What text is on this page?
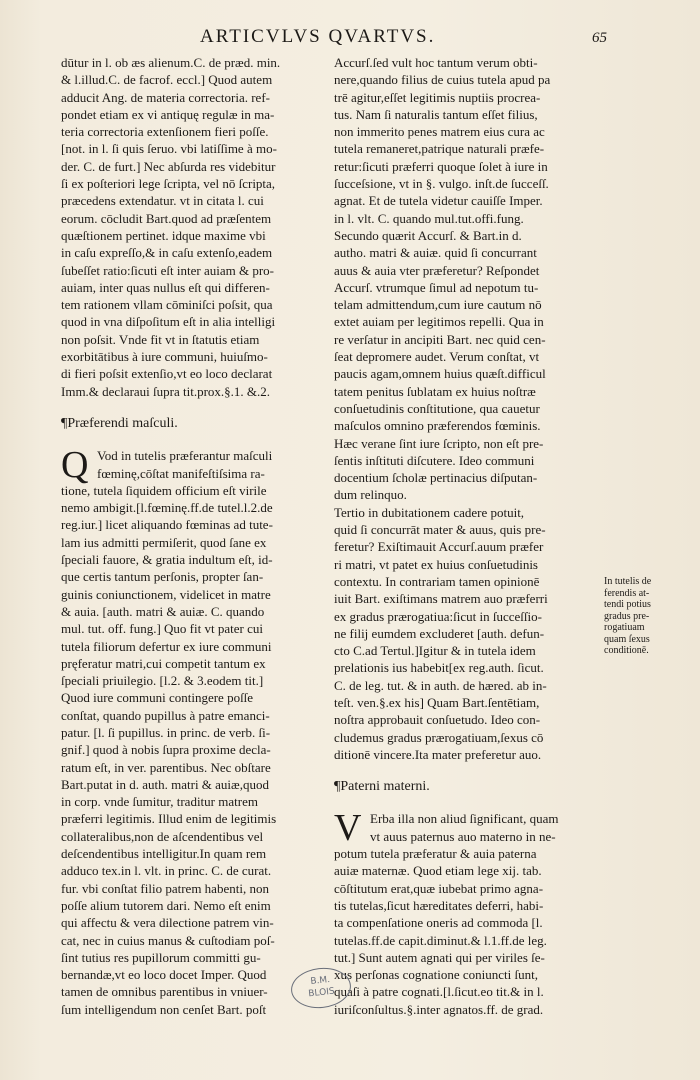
ARTICVLVS QVARTVS.	65
dūtur in l. ob æs alienum.C. de præd. min.
& l.illud.C. de facrof. eccl.] Quod autem
adducit Ang. de materia correctoria. ref-
pondet etiam ex vi antiquę regulæ in ma-
teria correctoria extenſionem fieri poſſe.
[not. in l. ſi quis ſeruo. vbi latiſſime à mo-
der. C. de furt.] Nec abſurda res videbitur
ſi ex poſteriori lege ſcripta, vel nō ſcripta,
præcedens extendatur. vt in citata l. cui
eorum. cōcludit Bart.quod ad præſentem
quæſtionem pertinet. idque maxime vbi
in caſu expreſſo,& in caſu extenſo,eadem
ſubeſſet ratio:ſicuti eſt inter auiam & pro-
auiam, inter quas nullus eſt qui differen-
tem rationem vllam cōminiſci poſsit, qua
quod in vna diſpoſitum eſt in alia intelligi
non poſsit. Vnde fit vt in ſtatutis etiam
exorbitātibus à iure communi, huiuſmo-
di fieri poſsit extenſio,vt eo loco declarat
Imm.& declaraui ſupra tit.prox.§.1. &.2.
¶Præferendi maſculi.
Q Vod in tutelis præferantur maſculi
fœminę,cōſtat manifeſtiſsima ra-
tione, tutela ſiquidem officium eſt virile
nemo ambigit.[l.fœminę.ff.de tutel.l.2.de
reg.iur.] licet aliquando fœminas ad tute-
lam ius admitti permiſerit, quod ſane ex
ſpeciali fauore, & gratia indultum eſt, id-
que certis tantum perſonis, propter ſan-
guinis coniunctionem, videlicet in matre
& auia. [auth. matri & auiæ. C. quando
mul. tut. off. fung.] Quo fit vt pater cui
tutela filiorum defertur ex iure communi
pręferatur matri,cui competit tantum ex
ſpeciali priuilegio. [l.2. & 3.eodem tit.]
Quod iure communi contingere poſſe
conſtat, quando pupillus à patre emanci-
patur. [l. ſi pupillus. in princ. de verb. ſi-
gnif.] quod à nobis ſupra proxime decla-
ratum eſt, in ver. parentibus. Nec obſtare
Bart.putat in d. auth. matri & auiæ,quod
in corp. vnde ſumitur, traditur matrem
præferri legitimis. Illud enim de legitimis
collateralibus,non de aſcendentibus vel
deſcendentibus intelligitur.In quam rem
adduco tex.in l. vlt. in princ. C. de curat.
fur. vbi conſtat filio patrem habenti, non
poſſe alium tutorem dari. Nemo eſt enim
qui affectu & vera dilectione patrem vin-
cat, nec in cuius manus & cuſtodiam poſ-
ſint tutius res pupillorum committi gu-
bernandæ,vt eo loco docet Imper. Quod
tamen de omnibus parentibus in vniuer-
ſum intelligendum non cenſet Bart. poſt
Accurſ.ſed vult hoc tantum verum obti-
nere,quando filius de cuius tutela apud pa
trē agitur,eſſet legitimis nuptiis procrea-
tus. Nam ſi naturalis tantum eſſet filius,
non immerito penes matrem eius cura ac
tutela remaneret,patrique naturali præfe-
retur:ſicuti præferri quoque ſolet à iure in
ſucceſsione, vt in §. vulgo. inſt.de ſucceſſ.
agnat. Et de tutela videtur cauiſſe Imper.
in l. vlt. C. quando mul.tut.offi.fung.
Secundo quærit Accurſ. & Bart.in d.
autho. matri & auiæ. quid ſi concurrant
auus & auia vter præferetur? Reſpondet
Accurſ. vtrumque ſimul ad nepotum tu-
telam admittendum,cum iure cautum nō
extet auiam per legitimos repelli. Qua in
re verſatur in ancipiti Bart. nec quid cen-
ſeat depromere audet. Verum conſtat, vt
paucis agam,omnem huius quæſt.difficul
tatem penitus ſublatam ex huius noſtræ
conſuetudinis conſtitutione, qua cauetur
maſculos omnino præferendos fœminis.
Hæc verane ſint iure ſcripto, non eſt pre-
ſentis inſtituti diſcutere. Ideo communi
docentium ſcholæ pertinacius diſputan-
dum relinquo.
Tertio in dubitationem cadere potuit,
quid ſi concurrāt mater & auus, quis pre-
feretur? Exiſtimauit Accurſ.auum præfer
ri matri, vt patet ex huius conſuetudinis
contextu. In contrariam tamen opinionē
iuit Bart. exiſtimans matrem auo præferri
ex gradus prærogatiua:ſicut in ſucceſſio-
ne filij eumdem excluderet [auth. defun-
cto C.ad Tertul.]Igitur & in tutela idem
prelationis ius habebit[ex reg.auth. ſicut.
C. de leg. tut. & in auth. de hæred. ab in-
teſt. ven.§.ex his] Quam Bart.ſentētiam,
noſtra approbauit conſuetudo. Ideo con-
cludemus gradus prærogatiuam,ſexus cō
ditionē vincere.Ita mater preferetur auo.
¶Paterni materni.
V Erba illa non aliud ſignificant, quam
vt auus paternus auo materno in ne-
potum tutela præferatur & auia paterna
auiæ maternæ. Quod etiam lege xij. tab.
cōſtitutum erat,quæ iubebat primo agna-
tis tutelas,ſicut hæreditates deferri, habi-
ta compenſatione oneris ad commoda [l.
tutelas.ff.de capit.diminut.& l.1.ff.de leg.
tut.] Sunt autem agnati qui per viriles ſe-
xus perſonas cognatione coniuncti ſunt,
quaſi à patre cognati.[l.ſicut.eo tit.& in l.
iuriſconſultus.§.inter agnatos.ff. de grad.
In tutelis de
ferendis at-
tendi potius
gradus pre-
rogatiuam
quam ſexus
conditionē.
B.M.
BLOIS
